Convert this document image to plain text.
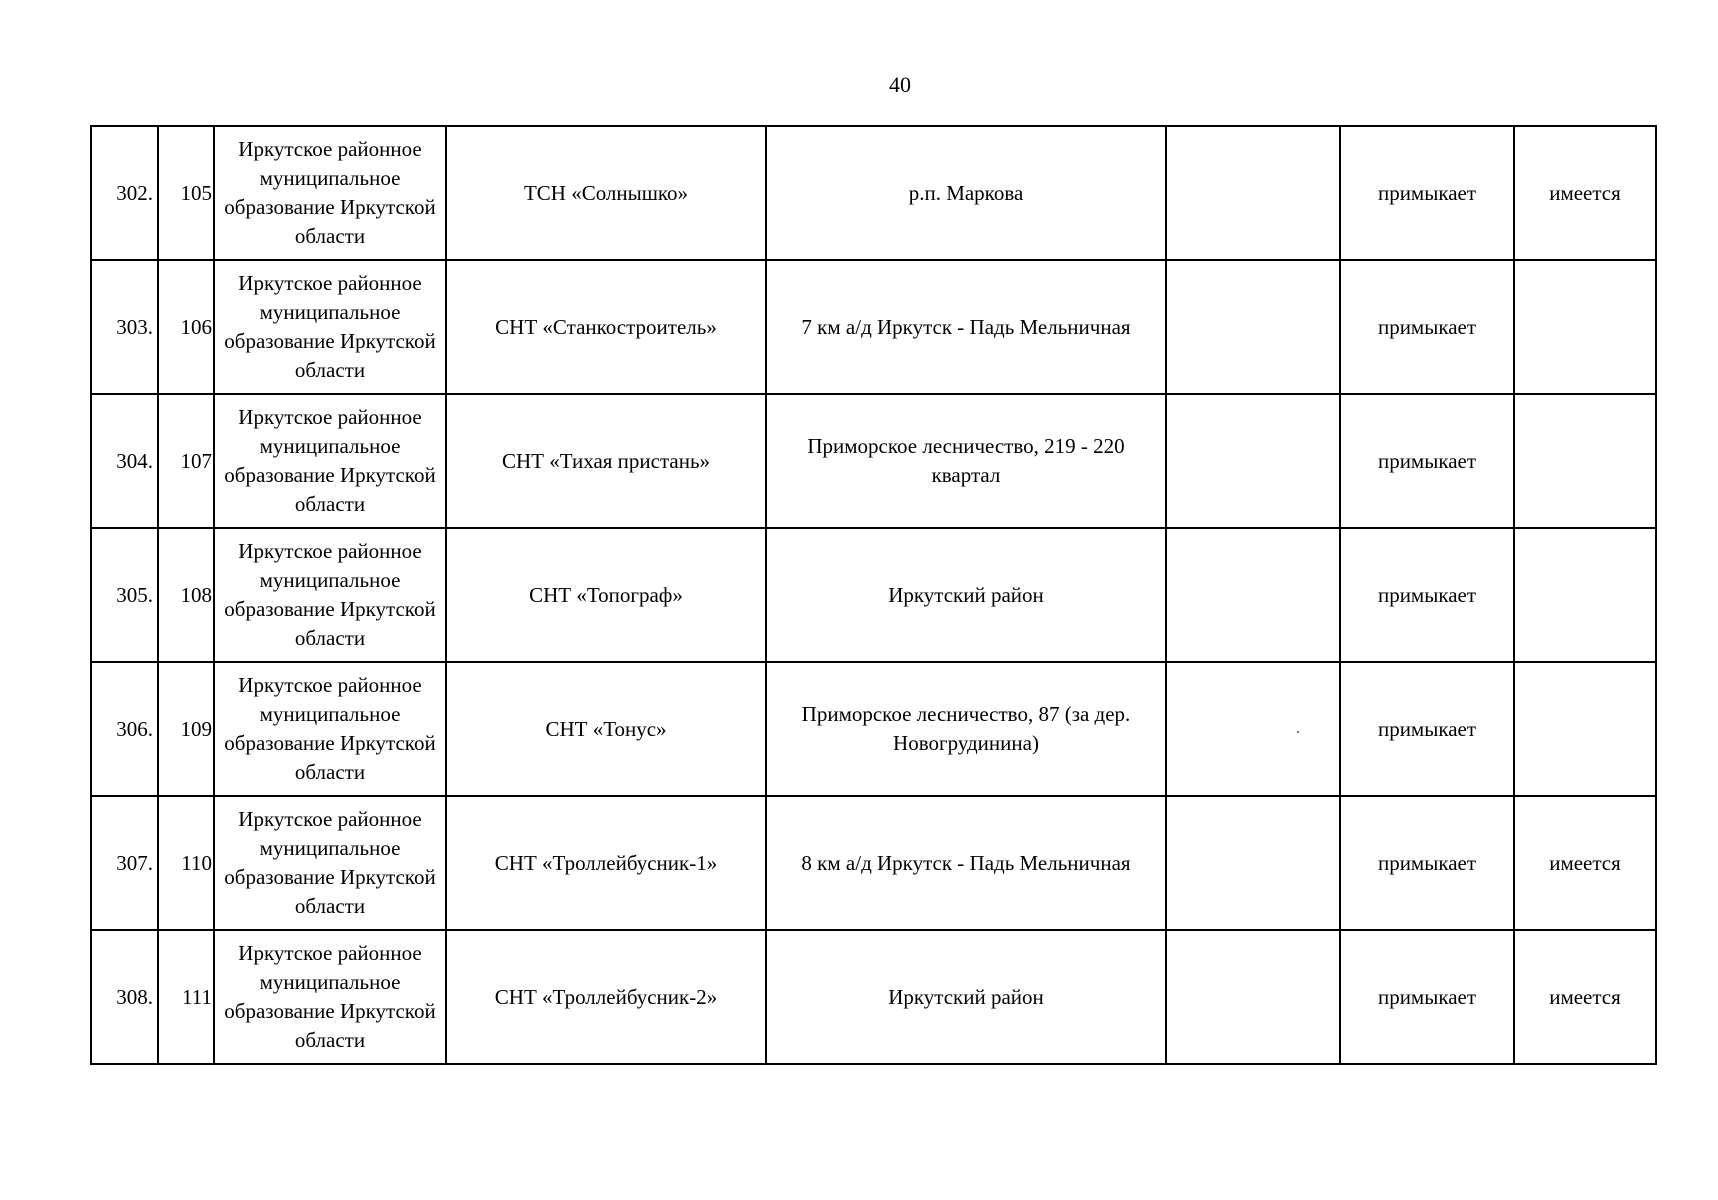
40
302.	105	Иркутское районное муниципальное образование Иркутской области	ТСН «Солнышко»	р.п. Маркова		примыкает	имеется
303.	106	Иркутское районное муниципальное образование Иркутской области	СНТ «Станкостроитель»	7 км а/д Иркутск - Падь Мельничная		примыкает	
304.	107	Иркутское районное муниципальное образование Иркутской области	СНТ «Тихая пристань»	Приморское лесничество, 219 - 220 квартал		примыкает	
305.	108	Иркутское районное муниципальное образование Иркутской области	СНТ «Топограф»	Иркутский район		примыкает	
306.	109	Иркутское районное муниципальное образование Иркутской области	СНТ «Тонус»	Приморское лесничество, 87 (за дер. Новогрудинина)		примыкает	
307.	110	Иркутское районное муниципальное образование Иркутской области	СНТ «Троллейбусник-1»	8 км а/д Иркутск - Падь Мельничная		примыкает	имеется
308.	111	Иркутское районное муниципальное образование Иркутской области	СНТ «Троллейбусник-2»	Иркутский район		примыкает	имеется
